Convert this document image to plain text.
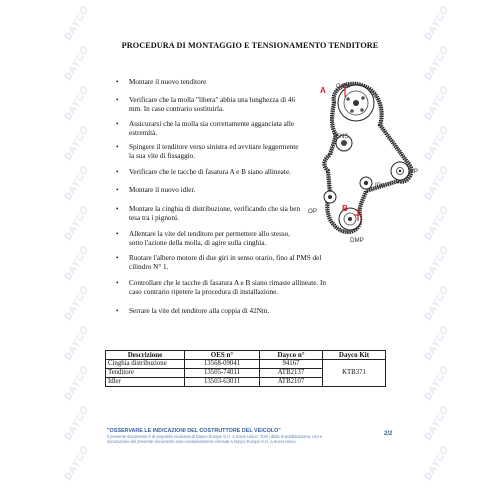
DAYCO
DAYCO
DAYCO
DAYCO
DAYCO
DAYCO
DAYCO
DAYCO
DAYCO
DAYCO
DAYCO
DAYCO
DAYCO
DAYCO
DAYCO
DAYCO
DAYCO
DAYCO
DAYCO
DAYCO
DAYCO
DAYCO
DAYCO
DAYCO
PROCEDURA DI MONTAGGIO E TENSIONAMENTO TENDITORE
• Montare il nuovo tenditore
• Verificare che la molla "libera" abbia una lunghezza di 46 mm. In caso contrario sostituirla.
• Assicurarsi che la molla sia correttamente agganciata alle estremità.
• Spingere il tenditore verso sinistra ed avvitare leggermente la sua vite di fissaggio.
• Verificare che le tacche di fasatura A e B siano allineate.
• Montare il nuovo idler.
• Montare la cinghia di distribuzione, verificando che sia ben tesa tra i pignoni.
• Allentare la vite del tenditore per permettere allo stesso, sotto l'azione della molla, di agire sulla cinghia.
• Ruotare l'albero motore di due giri in senso orario, fino al PMS del cilindro N° 1.
• Controllare che le tacche di fasatura A e B siano rimaste allineate. In caso contrario ripetere la procedura di installazione.
• Serrare la vite del tenditore alla coppia di 42Nm.
A
B
CAM
TENS
WP
IDL
OP
DMP
Descrizione	OES n°	Dayco n°	Dayco Kit
Cinghia distribuzione	13568-09041	94167	KTB371
Tenditore	13505-74011	ATB2137	
Idler	13503-63011	ATB2107	
"OSSERVARE LE INDICAZIONI DEL COSTRUTTORE DEL VEICOLO"
Il presente documento è di proprietà esclusiva di Dayco Europe S.r.l. a Socio Unico. Tutti i diritti di pubblicazione, uso e
riproduzione del presente documento sono esclusivamente riservati a Dayco Europe S.r.l. a Socio Unico.
2/2
